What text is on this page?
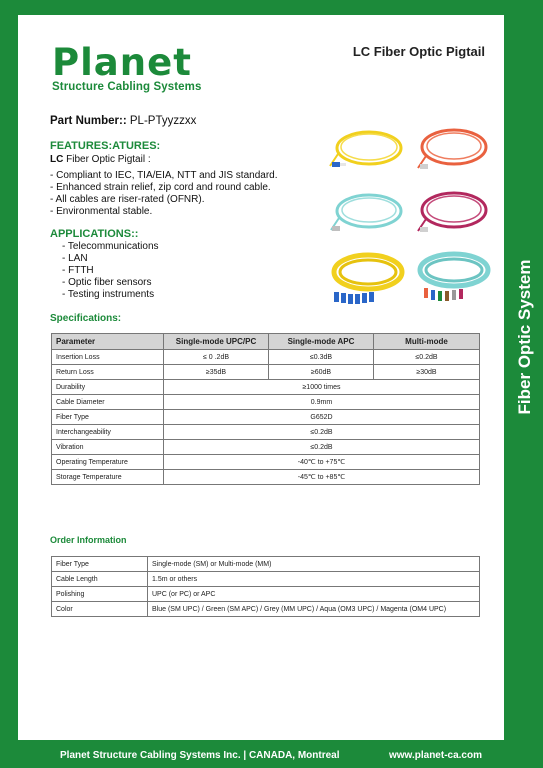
Planet
Structure Cabling Systems
LC Fiber Optic Pigtail
Part Number:: PL-PTyyzzxx
FEATURES:ATURES:
LC Fiber Optic Pigtail :
- Compliant to IEC, TIA/EIA, NTT and JIS standard.
- Enhanced strain relief, zip cord and round cable.
- All cables are riser-rated (OFNR).
- Environmental stable.
APPLICATIONS::
- Telecommunications
- LAN
- FTTH
- Optic fiber sensors
- Testing instruments	Fiber Optic System
Specifications:
Parameter	Single-mode UPC/PC	Single-mode APC	Multi-mode
Insertion Loss	≤ 0 .2dB	≤0.3dB	≤0.2dB
Return Loss	≥35dB	≥60dB	≥30dB
Durability	≥1000 times		
Cable Diameter	0.9mm		
Fiber Type	G652D		
Interchangeability	≤0.2dB		
Vibration	≤0.2dB		
Operating Temperature	-40℃ to +75℃		
Storage Temperature	-45℃ to +85℃		
Order Information
Fiber Type	Single-mode (SM) or Multi-mode (MM)
Cable Length	1.5m or others
Polishing	UPC (or PC) or APC
Color	Blue (SM UPC) / Green (SM APC) / Grey (MM UPC) / Aqua (OM3 UPC) / Magenta (OM4 UPC)
Planet Structure Cabling Systems Inc. | CANADA, Montreal	www.planet-ca.com
